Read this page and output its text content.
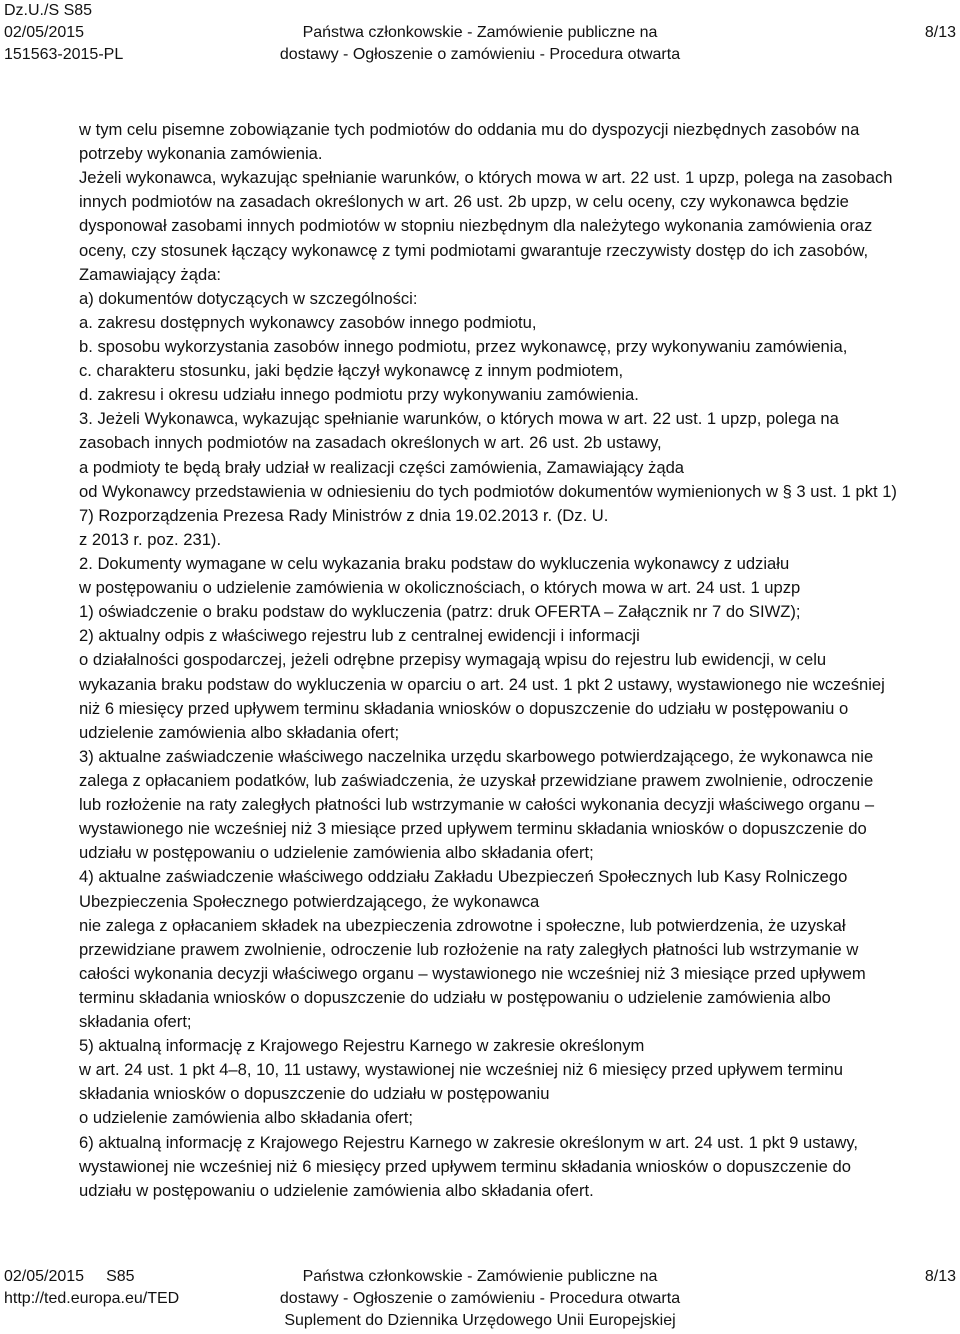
Dz.U./S S85
02/05/2015
151563-2015-PL
Państwa członkowskie - Zamówienie publiczne na
dostawy - Ogłoszenie o zamówieniu - Procedura otwarta
8/13
w tym celu pisemne zobowiązanie tych podmiotów do oddania mu do dyspozycji niezbędnych zasobów na
potrzeby wykonania zamówienia.
Jeżeli wykonawca, wykazując spełnianie warunków, o których mowa w art. 22 ust. 1 upzp, polega na zasobach
innych podmiotów na zasadach określonych w art. 26 ust. 2b upzp, w celu oceny, czy wykonawca będzie
dysponował zasobami innych podmiotów w stopniu niezbędnym dla należytego wykonania zamówienia oraz
oceny, czy stosunek łączący wykonawcę z tymi podmiotami gwarantuje rzeczywisty dostęp do ich zasobów,
Zamawiający żąda:
a) dokumentów dotyczących w szczególności:
a. zakresu dostępnych wykonawcy zasobów innego podmiotu,
b. sposobu wykorzystania zasobów innego podmiotu, przez wykonawcę, przy wykonywaniu zamówienia,
c. charakteru stosunku, jaki będzie łączył wykonawcę z innym podmiotem,
d. zakresu i okresu udziału innego podmiotu przy wykonywaniu zamówienia.
3. Jeżeli Wykonawca, wykazując spełnianie warunków, o których mowa w art. 22 ust. 1 upzp, polega na
zasobach innych podmiotów na zasadach określonych w art. 26 ust. 2b ustawy,
a podmioty te będą brały udział w realizacji części zamówienia, Zamawiający żąda
od Wykonawcy przedstawienia w odniesieniu do tych podmiotów dokumentów wymienionych w § 3 ust. 1 pkt 1)
7) Rozporządzenia Prezesa Rady Ministrów z dnia 19.02.2013 r. (Dz. U.
z 2013 r. poz. 231).
2. Dokumenty wymagane w celu wykazania braku podstaw do wykluczenia wykonawcy z udziału
w postępowaniu o udzielenie zamówienia w okolicznościach, o których mowa w art. 24 ust. 1 upzp
1) oświadczenie o braku podstaw do wykluczenia (patrz: druk OFERTA – Załącznik nr 7 do SIWZ);
2) aktualny odpis z właściwego rejestru lub z centralnej ewidencji i informacji
o działalności gospodarczej, jeżeli odrębne przepisy wymagają wpisu do rejestru lub ewidencji, w celu
wykazania braku podstaw do wykluczenia w oparciu o art. 24 ust. 1 pkt 2 ustawy, wystawionego nie wcześniej
niż 6 miesięcy przed upływem terminu składania wniosków o dopuszczenie do udziału w postępowaniu o
udzielenie zamówienia albo składania ofert;
3) aktualne zaświadczenie właściwego naczelnika urzędu skarbowego potwierdzającego, że wykonawca nie
zalega z opłacaniem podatków, lub zaświadczenia, że uzyskał przewidziane prawem zwolnienie, odroczenie
lub rozłożenie na raty zaległych płatności lub wstrzymanie w całości wykonania decyzji właściwego organu –
wystawionego nie wcześniej niż 3 miesiące przed upływem terminu składania wniosków o dopuszczenie do
udziału w postępowaniu o udzielenie zamówienia albo składania ofert;
4) aktualne zaświadczenie właściwego oddziału Zakładu Ubezpieczeń Społecznych lub Kasy Rolniczego
Ubezpieczenia Społecznego potwierdzającego, że wykonawca
nie zalega z opłacaniem składek na ubezpieczenia zdrowotne i społeczne, lub potwierdzenia, że uzyskał
przewidziane prawem zwolnienie, odroczenie lub rozłożenie na raty zaległych płatności lub wstrzymanie w
całości wykonania decyzji właściwego organu – wystawionego nie wcześniej niż 3 miesiące przed upływem
terminu składania wniosków o dopuszczenie do udziału w postępowaniu o udzielenie zamówienia albo
składania ofert;
5) aktualną informację z Krajowego Rejestru Karnego w zakresie określonym
w art. 24 ust. 1 pkt 4–8, 10, 11 ustawy, wystawionej nie wcześniej niż 6 miesięcy przed upływem terminu
składania wniosków o dopuszczenie do udziału w postępowaniu
o udzielenie zamówienia albo składania ofert;
6) aktualną informację z Krajowego Rejestru Karnego w zakresie określonym w art. 24 ust. 1 pkt 9 ustawy,
wystawionej nie wcześniej niż 6 miesięcy przed upływem terminu składania wniosków o dopuszczenie do
udziału w postępowaniu o udzielenie zamówienia albo składania ofert.
02/05/2015 S85
http://ted.europa.eu/TED
Państwa członkowskie - Zamówienie publiczne na
dostawy - Ogłoszenie o zamówieniu - Procedura otwarta
Suplement do Dziennika Urzędowego Unii Europejskiej
8/13
